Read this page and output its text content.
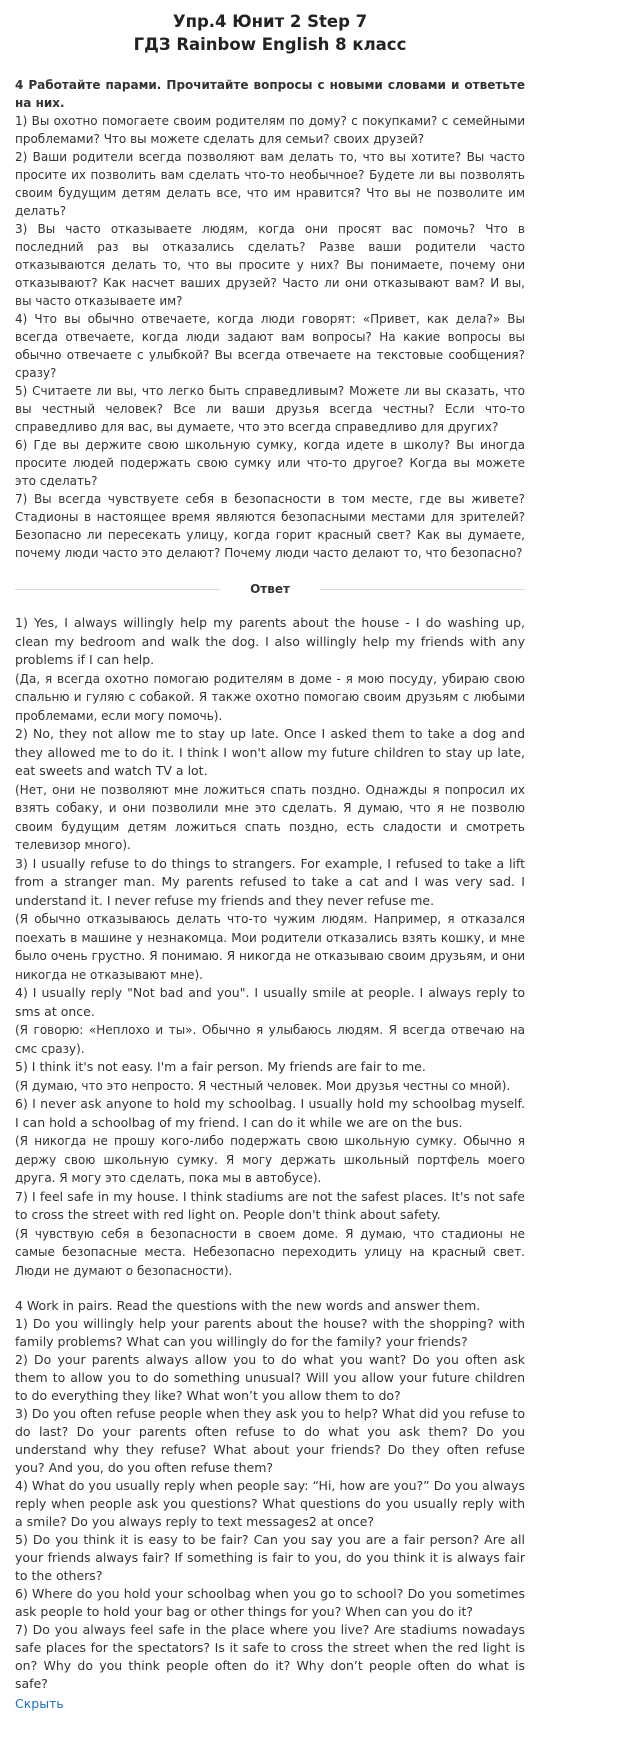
Упр.4 Юнит 2 Step 7
ГДЗ Rainbow English 8 класс

4 Работайте парами. Прочитайте вопросы с новыми словами и ответьте на них.

1) Вы охотно помогаете своим родителям по дому? с покупками? с семейными проблемами? Что вы можете сделать для семьи? своих друзей?

2) Ваши родители всегда позволяют вам делать то, что вы хотите? Вы часто просите их позволить вам сделать что-то необычное? Будете ли вы позволять своим будущим детям делать все, что им нравится? Что вы не позволите им делать?

3) Вы часто отказываете людям, когда они просят вас помочь? Что в последний раз вы отказались сделать? Разве ваши родители часто отказываются делать то, что вы просите у них? Вы понимаете, почему они отказывают? Как насчет ваших друзей? Часто ли они отказывают вам? И вы, вы часто отказываете им?

4) Что вы обычно отвечаете, когда люди говорят: «Привет, как дела?» Вы всегда отвечаете, когда люди задают вам вопросы? На какие вопросы вы обычно отвечаете с улыбкой? Вы всегда отвечаете на текстовые сообщения? сразу?

5) Считаете ли вы, что легко быть справедливым? Можете ли вы сказать, что вы честный человек? Все ли ваши друзья всегда честны? Если что-то справедливо для вас, вы думаете, что это всегда справедливо для других?

6) Где вы держите свою школьную сумку, когда идете в школу? Вы иногда просите людей подержать свою сумку или что-то другое? Когда вы можете это сделать?

7) Вы всегда чувствуете себя в безопасности в том месте, где вы живете? Стадионы в настоящее время являются безопасными местами для зрителей? Безопасно ли пересекать улицу, когда горит красный свет? Как вы думаете, почему люди часто это делают? Почему люди часто делают то, что безопасно?

Ответ

1) Yes, I always willingly help my parents about the house - I do washing up, clean my bedroom and walk the dog. I also willingly help my friends with any problems if I can help.

(Да, я всегда охотно помогаю родителям в доме - я мою посуду, убираю свою спальню и гуляю с собакой. Я также охотно помогаю своим друзьям с любыми проблемами, если могу помочь).

2) No, they not allow me to stay up late. Once I asked them to take a dog and they allowed me to do it. I think I won't allow my future children to stay up late, eat sweets and watch TV a lot.

(Нет, они не позволяют мне ложиться спать поздно. Однажды я попросил их взять собаку, и они позволили мне это сделать. Я думаю, что я не позволю своим будущим детям ложиться спать поздно, есть сладости и смотреть телевизор много).

3) I usually refuse to do things to strangers. For example, I refused to take a lift from a stranger man. My parents refused to take a cat and I was very sad. I understand it. I never refuse my friends and they never refuse me.

(Я обычно отказываюсь делать что-то чужим людям. Например, я отказался поехать в машине у незнакомца. Мои родители отказались взять кошку, и мне было очень грустно. Я понимаю. Я никогда не отказываю своим друзьям, и они никогда не отказывают мне).

4) I usually reply "Not bad and you". I usually smile at people. I always reply to sms at once.

(Я говорю: «Неплохо и ты». Обычно я улыбаюсь людям. Я всегда отвечаю на смс сразу).

5) I think it's not easy. I'm a fair person. My friends are fair to me.

(Я думаю, что это непросто. Я честный человек. Мои друзья честны со мной).

6) I never ask anyone to hold my schoolbag. I usually hold my schoolbag myself. I can hold a schoolbag of my friend. I can do it while we are on the bus.

(Я никогда не прошу кого-либо подержать свою школьную сумку. Обычно я держу свою школьную сумку. Я могу держать школьный портфель моего друга. Я могу это сделать, пока мы в автобусе).

7) I feel safe in my house. I think stadiums are not the safest places. It's not safe to cross the street with red light on. People don't think about safety.

(Я чувствую себя в безопасности в своем доме. Я думаю, что стадионы не самые безопасные места. Небезопасно переходить улицу на красный свет. Люди не думают о безопасности).

4 Work in pairs. Read the questions with the new words and answer them.

1) Do you willingly help your parents about the house? with the shopping? with family problems? What can you willingly do for the family? your friends?

2) Do your parents always allow you to do what you want? Do you often ask them to allow you to do something unusual? Will you allow your future children to do everything they like? What won’t you allow them to do?

3) Do you often refuse people when they ask you to help? What did you refuse to do last? Do your parents often refuse to do what you ask them? Do you understand why they refuse? What about your friends? Do they often refuse you? And you, do you often refuse them?

4) What do you usually reply when people say: “Hi, how are you?” Do you always reply when people ask you questions? What questions do you usually reply with a smile? Do you always reply to text messages2 at once?

5) Do you think it is easy to be fair? Can you say you are a fair person? Are all your friends always fair? If something is fair to you, do you think it is always fair to the others?

6) Where do you hold your schoolbag when you go to school? Do you sometimes ask people to hold your bag or other things for you? When can you do it?

7) Do you always feel safe in the place where you live? Are stadiums nowadays safe places for the spectators? Is it safe to cross the street when the red light is on? Why do you think people often do it? Why don’t people often do what is safe?

Скрыть
